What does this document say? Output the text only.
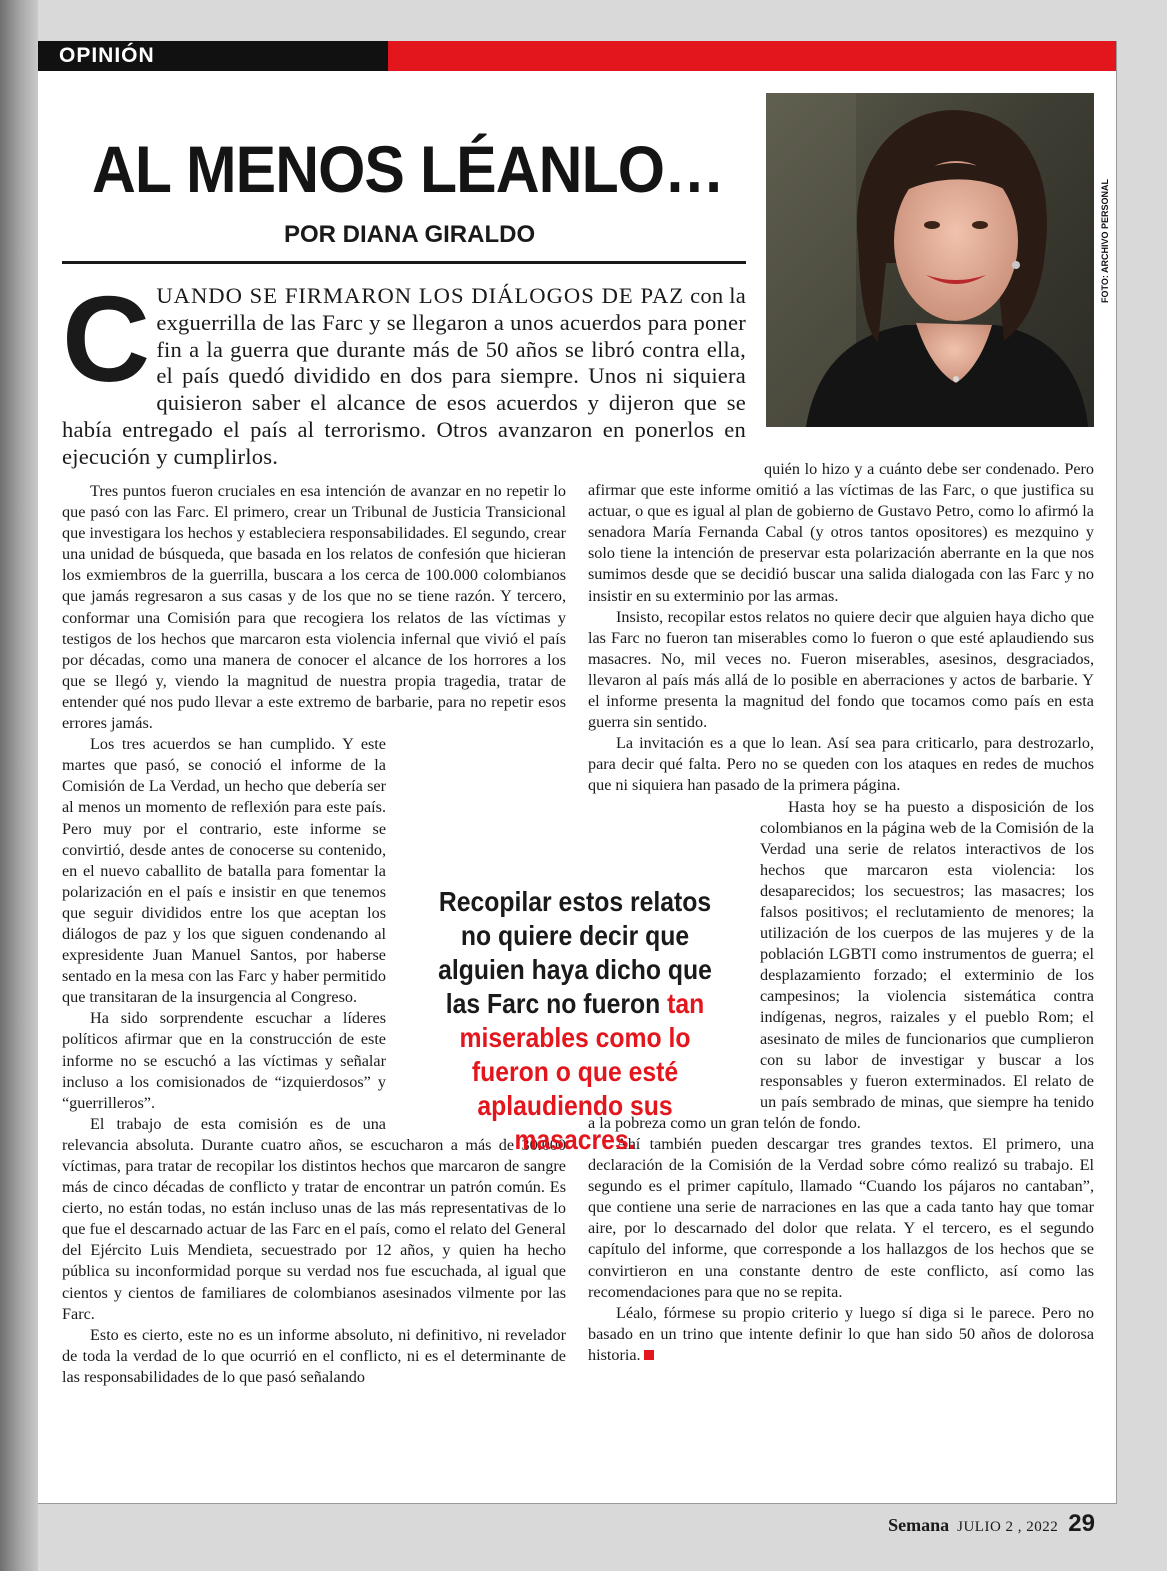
OPINIÓN
AL MENOS LÉANLO…
POR DIANA GIRALDO	FOTO: ARCHIVO PERSONAL
CUANDO SE FIRMARON LOS DIÁLOGOS DE PAZ con la exguerrilla de las Farc y se llegaron a unos acuerdos para poner fin a la guerra que durante más de 50 años se libró contra ella, el país quedó dividido en dos para siempre. Unos ni siquiera quisieron saber el alcance de esos acuerdos y dijeron que se había entregado el país al terrorismo. Otros avanzaron en ponerlos en ejecución y cumplirlos.

Tres puntos fueron cruciales en esa intención de avanzar en no repetir lo que pasó con las Farc. El primero, crear un Tribunal de Justicia Transicional que investigara los hechos y estableciera responsabilidades. El segundo, crear una unidad de búsqueda, que basada en los relatos de confesión que hicieran los exmiembros de la guerrilla, buscara a los cerca de 100.000 colombianos que jamás regresaron a sus casas y de los que no se tiene razón. Y tercero, conformar una Comisión para que recogiera los relatos de las víctimas y testigos de los hechos que marcaron esta violencia infernal que vivió el país por décadas, como una manera de conocer el alcance de los horrores a los que se llegó y, viendo la magnitud de nuestra propia tragedia, tratar de entender qué nos pudo llevar a este extremo de barbarie, para no repetir esos errores jamás.

Los tres acuerdos se han cumplido. Y este martes que pasó, se conoció el informe de la Comisión de La Verdad, un hecho que debería ser al menos un momento de reflexión para este país. Pero muy por el contrario, este informe se convirtió, desde antes de conocerse su contenido, en el nuevo caballito de batalla para fomentar la polarización en el país e insistir en que tenemos que seguir divididos entre los que aceptan los diálogos de paz y los que siguen condenando al expresidente Juan Manuel Santos, por haberse sentado en la mesa con las Farc y haber permitido que transitaran de la insurgencia al Congreso.

Ha sido sorprendente escuchar a líderes políticos afirmar que en la construcción de este informe no se escuchó a las víctimas y señalar incluso a los comisionados de “izquierdosos” y “guerrilleros”.

El trabajo de esta comisión es de una relevancia absoluta. Durante cuatro años, se escucharon a más de 30.000 víctimas, para tratar de recopilar los distintos hechos que marcaron de sangre más de cinco décadas de conflicto y tratar de encontrar un patrón común. Es cierto, no están todas, no están incluso unas de las más representativas de lo que fue el descarnado actuar de las Farc en el país, como el relato del General del Ejército Luis Mendieta, secuestrado por 12 años, y quien ha hecho pública su inconformidad porque su verdad nos fue escuchada, al igual que cientos y cientos de familiares de colombianos asesinados vilmente por las Farc.

Esto es cierto, este no es un informe absoluto, ni definitivo, ni revelador de toda la verdad de lo que ocurrió en el conflicto, ni es el determinante de las responsabilidades de lo que pasó señalando

quién lo hizo y a cuánto debe ser condenado. Pero afirmar que este informe omitió a las víctimas de las Farc, o que justifica su actuar, o que es igual al plan de gobierno de Gustavo Petro, como lo afirmó la senadora María Fernanda Cabal (y otros tantos opositores) es mezquino y solo tiene la intención de preservar esta polarización aberrante en la que nos sumimos desde que se decidió buscar una salida dialogada con las Farc y no insistir en su exterminio por las armas.

Insisto, recopilar estos relatos no quiere decir que alguien haya dicho que las Farc no fueron tan miserables como lo fueron o que esté aplaudiendo sus masacres. No, mil veces no. Fueron miserables, asesinos, desgraciados, llevaron al país más allá de lo posible en aberraciones y actos de barbarie. Y el informe presenta la magnitud del fondo que tocamos como país en esta guerra sin sentido.

La invitación es a que lo lean. Así sea para criticarlo, para destrozarlo, para decir qué falta. Pero no se queden con los ataques en redes de muchos que ni siquiera han pasado de la primera página.

Hasta hoy se ha puesto a disposición de los colombianos en la página web de la Comisión de la Verdad una serie de relatos interactivos de los hechos que marcaron esta violencia: los desaparecidos; los secuestros; las masacres; los falsos positivos; el reclutamiento de menores; la utilización de los cuerpos de las mujeres y de la población LGBTI como instrumentos de guerra; el desplazamiento forzado; el exterminio de los campesinos; la violencia sistemática contra indígenas, negros, raizales y el pueblo Rom; el asesinato de miles de funcionarios que cumplieron con su labor de investigar y buscar a los responsables y fueron exterminados. El relato de un país sembrado de minas, que siempre ha tenido a la pobreza como un gran telón de fondo.

Ahí también pueden descargar tres grandes textos. El primero, una declaración de la Comisión de la Verdad sobre cómo realizó su trabajo. El segundo es el primer capítulo, llamado “Cuando los pájaros no cantaban”, que contiene una serie de narraciones en las que a cada tanto hay que tomar aire, por lo descarnado del dolor que relata. Y el tercero, es el segundo capítulo del informe, que corresponde a los hallazgos de los hechos que se convirtieron en una constante dentro de este conflicto, así como las recomendaciones para que no se repita.

Léalo, fórmese su propio criterio y luego sí diga si le parece. Pero no basado en un trino que intente definir lo que han sido 50 años de dolorosa historia.

Recopilar estos relatos no quiere decir que alguien haya dicho que las Farc no fueron tan miserables como lo fueron o que esté aplaudiendo sus masacres.
Semana JULIO 2 , 2022 29
